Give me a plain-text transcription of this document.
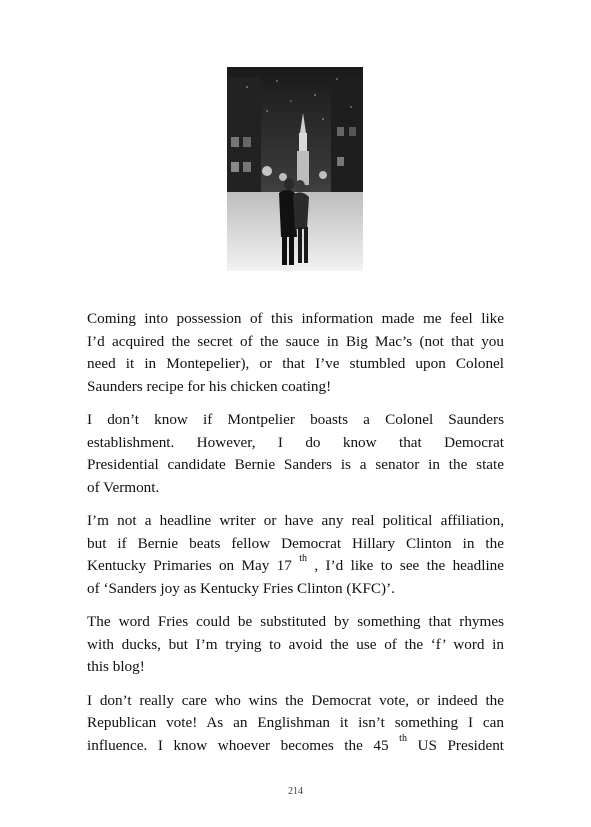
Coming into possession of this information made me feel like
I’d acquired the secret of the sauce in Big Mac’s (not that you
need it in Montepelier), or that I’ve stumbled upon Colonel
Saunders recipe for his chicken coating!

I don’t know if Montpelier boasts a Colonel Saunders
establishment. However, I do know that Democrat
Presidential candidate Bernie Sanders is a senator in the state
of Vermont.

I’m not a headline writer or have any real political affiliation,
but if Bernie beats fellow Democrat Hillary Clinton in the
Kentucky Primaries on May 17 $^{th}$ , I’d like to see the headline
of ‘Sanders joy as Kentucky Fries Clinton (KFC)’.

The word Fries could be substituted by something that rhymes
with ducks, but I’m trying to avoid the use of the ‘f’ word in
this blog!

I don’t really care who wins the Democrat vote, or indeed the
Republican vote! As an Englishman it isn’t something I can
influence. I know whoever becomes the 45 $^{th}$ US President

214
